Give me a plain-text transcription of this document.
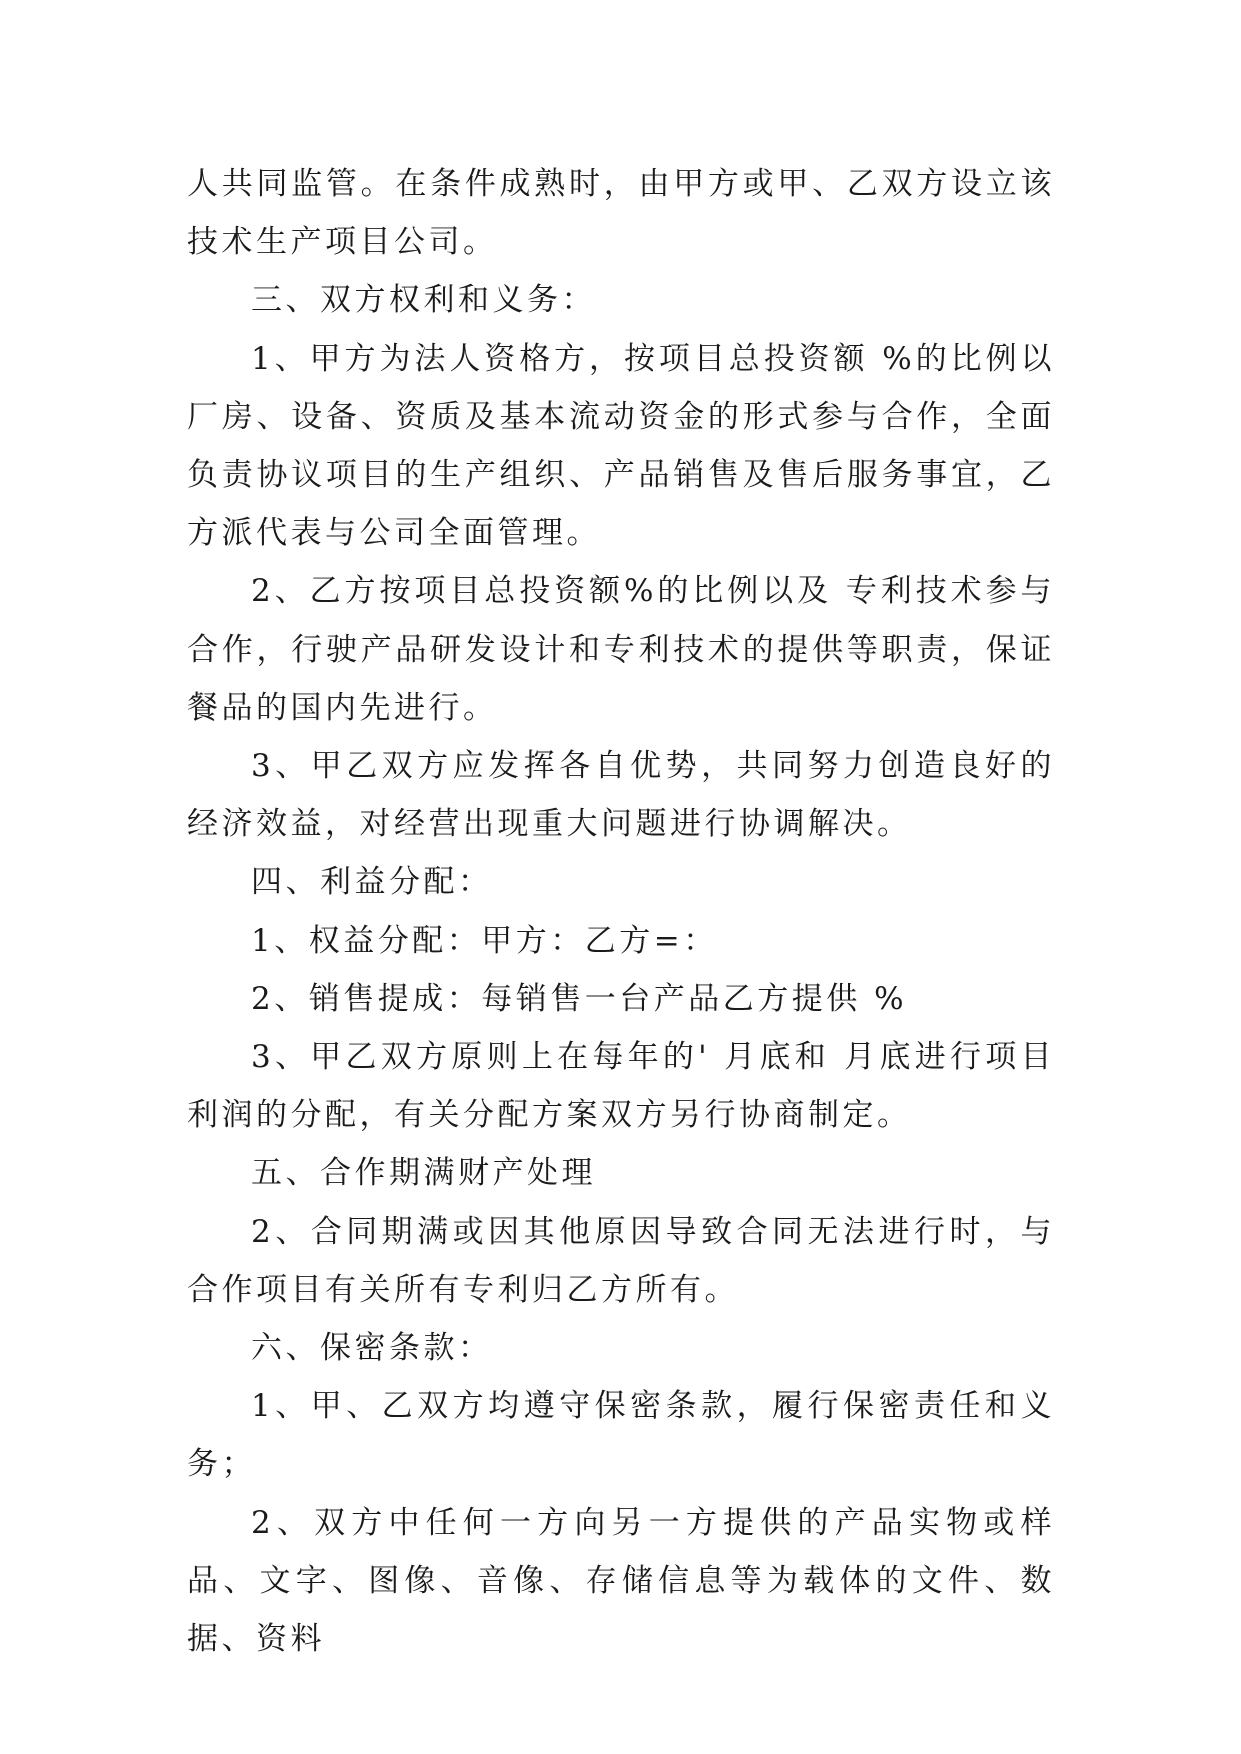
人共同监管。在条件成熟时，由甲方或甲、乙双方设立该技术生产项目公司。

三、双方权利和义务：

1、甲方为法人资格方，按项目总投资额 %的比例以厂房、设备、资质及基本流动资金的形式参与合作，全面负责协议项目的生产组织、产品销售及售后服务事宜，乙方派代表与公司全面管理。

2、乙方按项目总投资额%的比例以及 专利技术参与合作，行驶产品研发设计和专利技术的提供等职责，保证餐品的国内先进行。

3、甲乙双方应发挥各自优势，共同努力创造良好的经济效益，对经营出现重大问题进行协调解决。

四、利益分配：

1、权益分配：甲方：乙方=：

2、销售提成：每销售一台产品乙方提供 %

3、甲乙双方原则上在每年的' 月底和 月底进行项目利润的分配，有关分配方案双方另行协商制定。

五、合作期满财产处理

2、合同期满或因其他原因导致合同无法进行时，与合作项目有关所有专利归乙方所有。

六、保密条款：

1、甲、乙双方均遵守保密条款，履行保密责任和义务；

2、双方中任何一方向另一方提供的产品实物或样品、文字、图像、音像、存储信息等为载体的文件、数据、资料
